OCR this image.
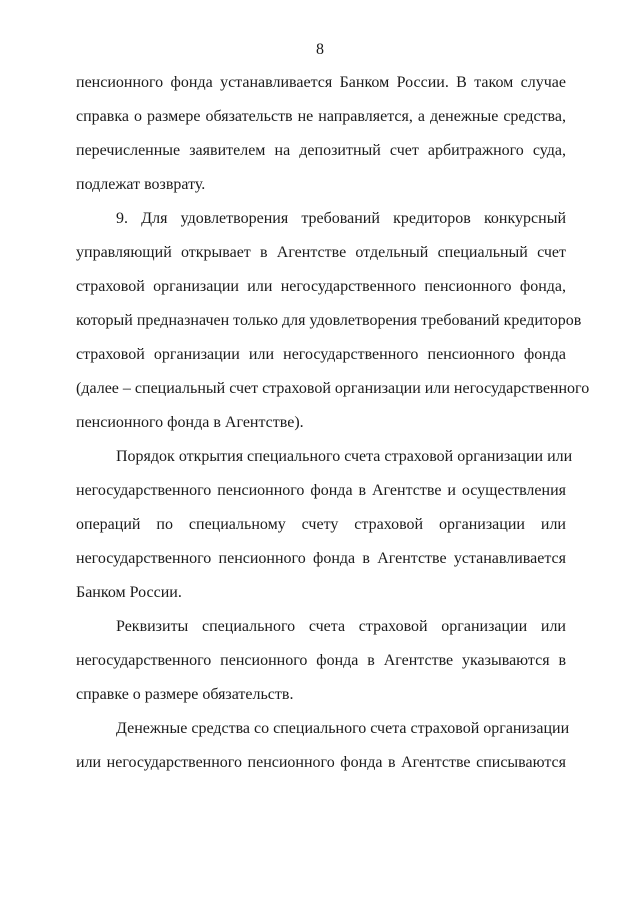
8
пенсионного фонда устанавливается Банком России. В таком случае
справка о размере обязательств не направляется, а денежные средства,
перечисленные заявителем на депозитный счет арбитражного суда,
подлежат возврату.
9. Для удовлетворения требований кредиторов конкурсный
управляющий открывает в Агентстве отдельный специальный счет
страховой организации или негосударственного пенсионного фонда,
который предназначен только для удовлетворения требований кредиторов
страховой организации или негосударственного пенсионного фонда
(далее – специальный счет страховой организации или негосударственного
пенсионного фонда в Агентстве).
Порядок открытия специального счета страховой организации или
негосударственного пенсионного фонда в Агентстве и осуществления
операций по специальному счету страховой организации или
негосударственного пенсионного фонда в Агентстве устанавливается
Банком России.
Реквизиты специального счета страховой организации или
негосударственного пенсионного фонда в Агентстве указываются в
справке о размере обязательств.
Денежные средства со специального счета страховой организации
или негосударственного пенсионного фонда в Агентстве списываются
